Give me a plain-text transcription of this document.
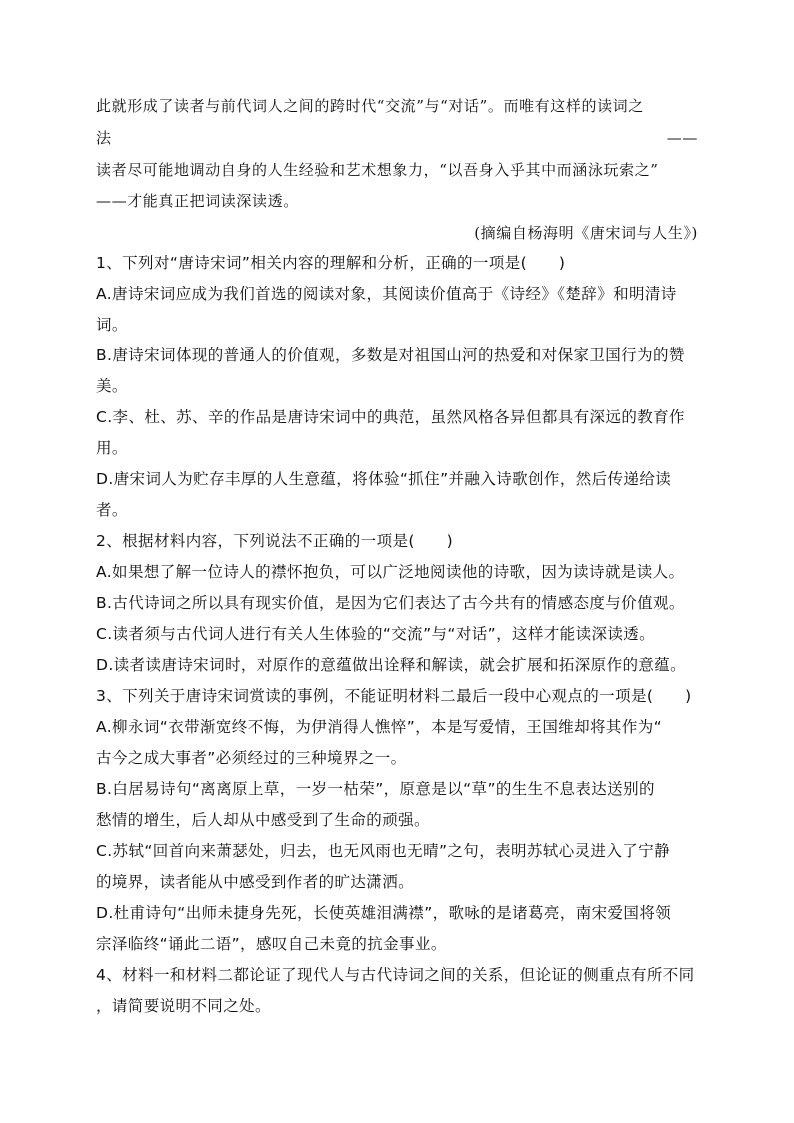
此就形成了读者与前代词人之间的跨时代“交流”与“对话”。而唯有这样的读词之
法	——
读者尽可能地调动自身的人生经验和艺术想象力，“以吾身入乎其中而涵泳玩索之”
——才能真正把词读深读透。
(摘编自杨海明《唐宋词与人生》)
1、下列对“唐诗宋词”相关内容的理解和分析，正确的一项是(　　)
A.唐诗宋词应成为我们首选的阅读对象，其阅读价值高于《诗经》《楚辞》和明清诗
词。
B.唐诗宋词体现的普通人的价值观，多数是对祖国山河的热爱和对保家卫国行为的赞
美。
C.李、杜、苏、辛的作品是唐诗宋词中的典范，虽然风格各异但都具有深远的教育作
用。
D.唐宋词人为贮存丰厚的人生意蕴，将体验“抓住”并融入诗歌创作，然后传递给读
者。
2、根据材料内容，下列说法不正确的一项是(　　)
A.如果想了解一位诗人的襟怀抱负，可以广泛地阅读他的诗歌，因为读诗就是读人。
B.古代诗词之所以具有现实价值，是因为它们表达了古今共有的情感态度与价值观。
C.读者须与古代词人进行有关人生体验的“交流”与“对话”，这样才能读深读透。
D.读者读唐诗宋词时，对原作的意蕴做出诠释和解读，就会扩展和拓深原作的意蕴。
3、下列关于唐诗宋词赏读的事例，不能证明材料二最后一段中心观点的一项是(　　)
A.柳永词“衣带渐宽终不悔，为伊消得人憔悴”，本是写爱情，王国维却将其作为“
古今之成大事者”必须经过的三种境界之一。
B.白居易诗句“离离原上草，一岁一枯荣”，原意是以“草”的生生不息表达送别的
愁情的增生，后人却从中感受到了生命的顽强。
C.苏轼“回首向来萧瑟处，归去，也无风雨也无晴”之句，表明苏轼心灵进入了宁静
的境界，读者能从中感受到作者的旷达潇洒。
D.杜甫诗句“出师未捷身先死，长使英雄泪满襟”，歌咏的是诸葛亮，南宋爱国将领
宗泽临终“诵此二语”，感叹自己未竟的抗金事业。
4、材料一和材料二都论证了现代人与古代诗词之间的关系，但论证的侧重点有所不同
，请简要说明不同之处。
